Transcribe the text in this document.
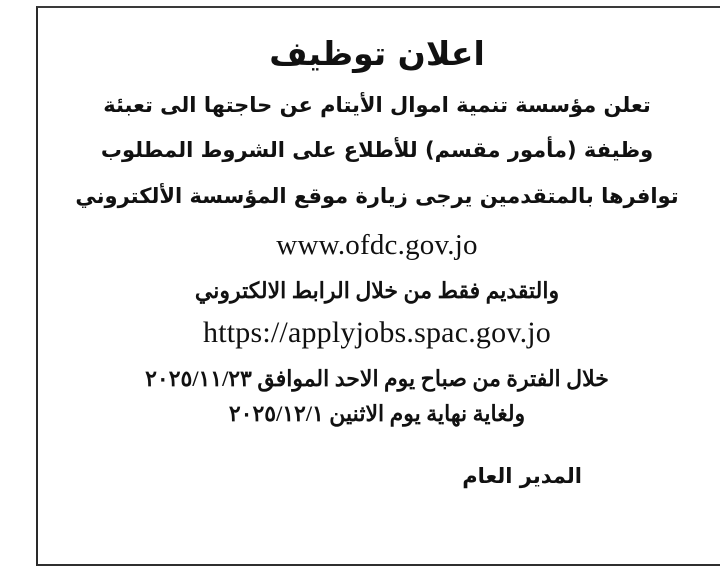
اعلان توظيف
تعلن مؤسسة تنمية اموال الأيتام عن حاجتها الى تعبئة
وظيفة (مأمور مقسم) للأطلاع على الشروط المطلوب
توافرها بالمتقدمين يرجى زيارة موقع المؤسسة الألكتروني
www.ofdc.gov.jo
والتقديم فقط من خلال الرابط الالكتروني
https://applyjobs.spac.gov.jo
خلال الفترة من صباح يوم الاحد الموافق ٢٠٢٥/١١/٢٣
ولغاية نهاية يوم الاثنين ٢٠٢٥/١٢/١
المدير العام
